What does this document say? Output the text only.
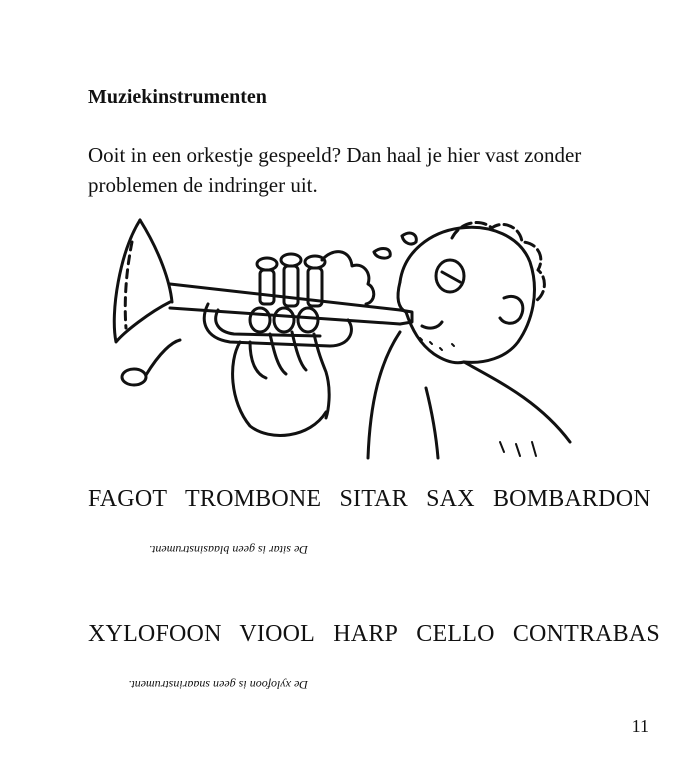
Muziekinstrumenten

Ooit in een orkestje gespeeld? Dan haal je hier vast zonder problemen de indringer uit.

FAGOT TROMBONE SITAR SAX BOMBARDON
De sitar is geen blaasinstrument.
XYLOFOON VIOOL HARP CELLO CONTRABAS
De xylofoon is geen snaarinstrument.
11
